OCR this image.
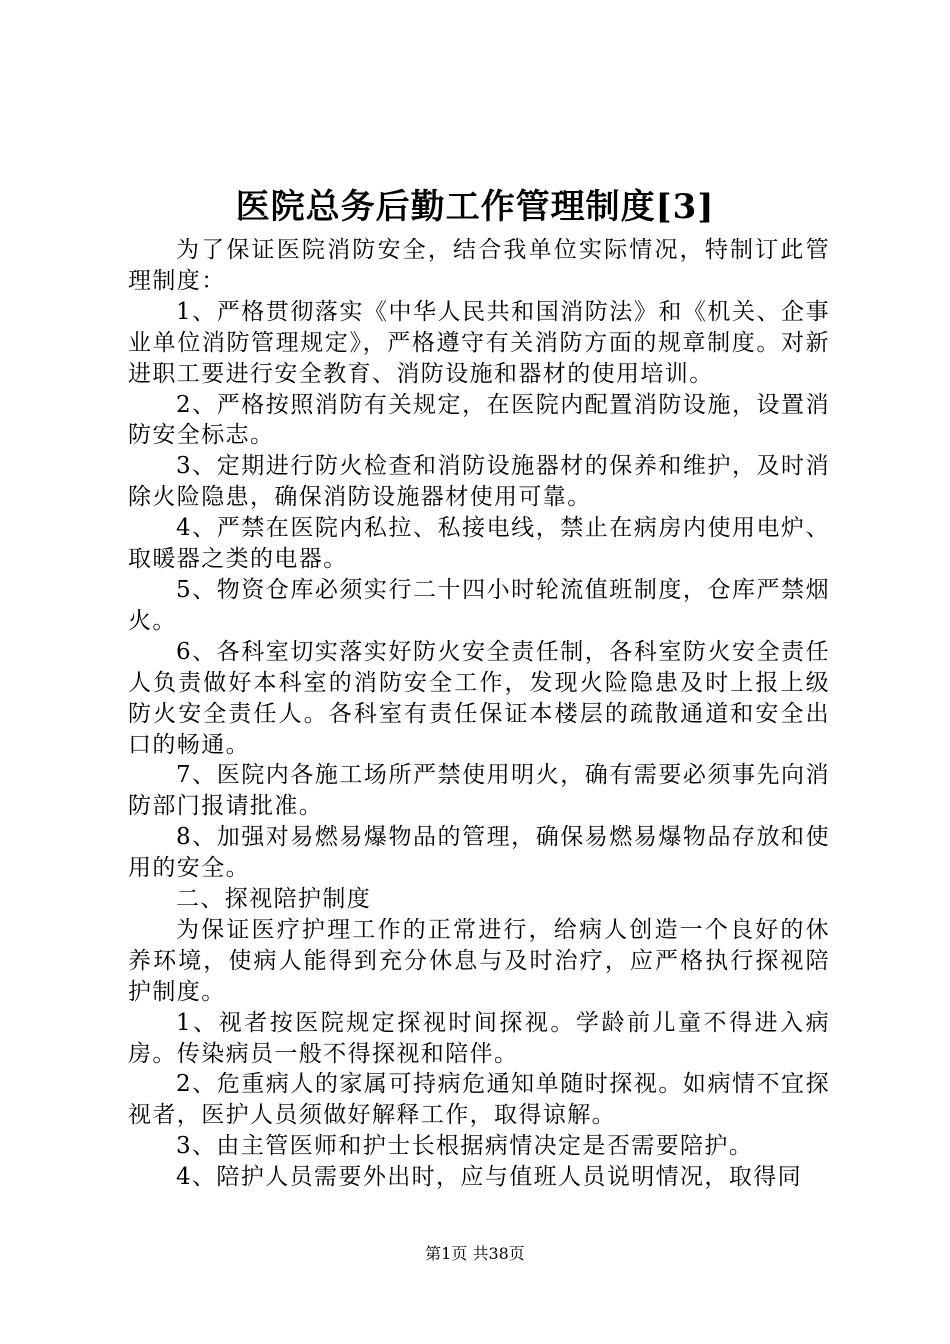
医院总务后勤工作管理制度[3]

为了保证医院消防安全，结合我单位实际情况，特制订此管理制度：

1、严格贯彻落实《中华人民共和国消防法》和《机关、企事业单位消防管理规定》，严格遵守有关消防方面的规章制度。对新进职工要进行安全教育、消防设施和器材的使用培训。

2、严格按照消防有关规定，在医院内配置消防设施，设置消防安全标志。

3、定期进行防火检查和消防设施器材的保养和维护，及时消除火险隐患，确保消防设施器材使用可靠。

4、严禁在医院内私拉、私接电线，禁止在病房内使用电炉、取暖器之类的电器。

5、物资仓库必须实行二十四小时轮流值班制度，仓库严禁烟火。

6、各科室切实落实好防火安全责任制，各科室防火安全责任人负责做好本科室的消防安全工作，发现火险隐患及时上报上级防火安全责任人。各科室有责任保证本楼层的疏散通道和安全出口的畅通。

7、医院内各施工场所严禁使用明火，确有需要必须事先向消防部门报请批准。

8、加强对易燃易爆物品的管理，确保易燃易爆物品存放和使用的安全。

二、探视陪护制度

为保证医疗护理工作的正常进行，给病人创造一个良好的休养环境，使病人能得到充分休息与及时治疗，应严格执行探视陪护制度。

1、视者按医院规定探视时间探视。学龄前儿童不得进入病房。传染病员一般不得探视和陪伴。

2、危重病人的家属可持病危通知单随时探视。如病情不宜探视者，医护人员须做好解释工作，取得谅解。

3、由主管医师和护士长根据病情决定是否需要陪护。

4、陪护人员需要外出时，应与值班人员说明情况，取得同

第1页 共38页
